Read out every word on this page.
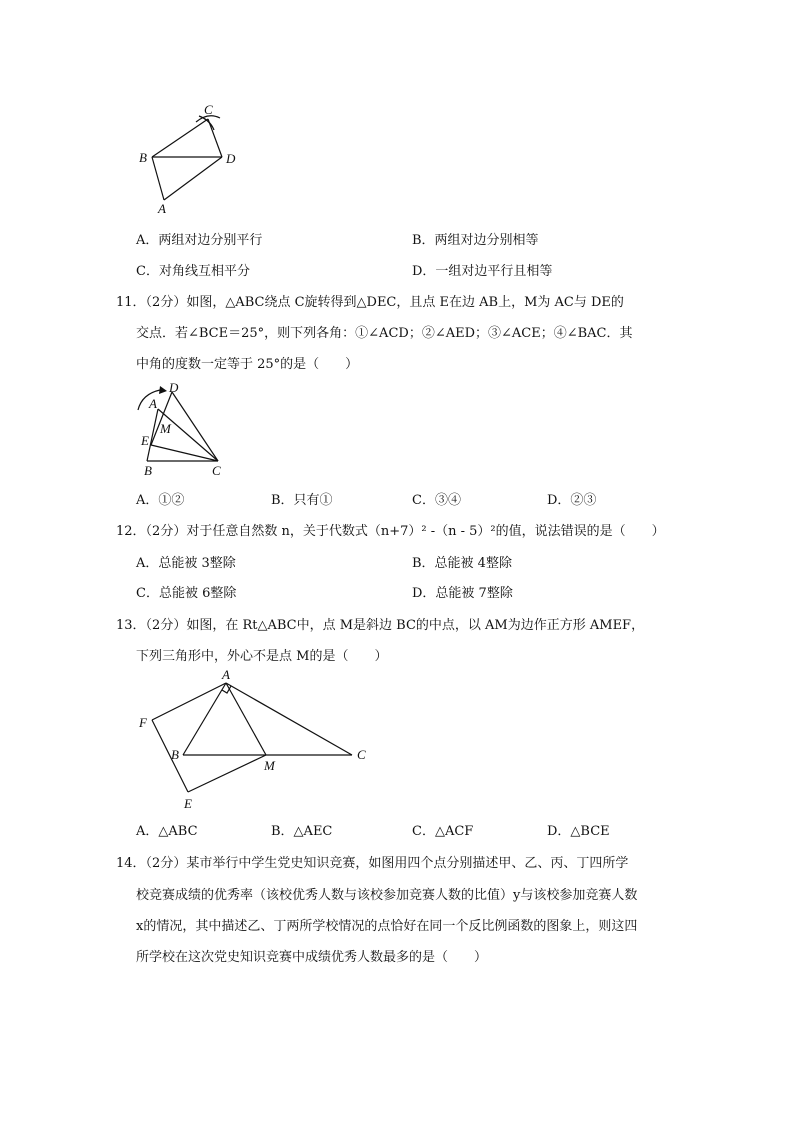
C
B	D
A
A．两组对边分别平行	B．两组对边分别相等
C．对角线互相平分	D．一组对边平行且相等
11．（2分）如图，△ABC绕点 C旋转得到△DEC，且点 E在边 AB上，M为 AC与 DE的
交点．若∠BCE＝25°，则下列各角：①∠ACD；②∠AED；③∠ACE；④∠BAC．其
中角的度数一定等于 25°的是（　　）
D
A
M
E
B	C
A．①②	B．只有①	C．③④	D．②③
12．（2分）对于任意自然数 n，关于代数式（n+7）² -（n - 5）²的值，说法错误的是（　　）
A．总能被 3整除	B．总能被 4整除
C．总能被 6整除	D．总能被 7整除
13．（2分）如图，在 Rt△ABC中，点 M是斜边 BC的中点，以 AM为边作正方形 AMEF，
下列三角形中，外心不是点 M的是（　　）
A
F
B
M
C
E
A．△ABC	B．△AEC	C．△ACF	D．△BCE
14．（2分）某市举行中学生党史知识竞赛，如图用四个点分别描述甲、乙、丙、丁四所学
校竞赛成绩的优秀率（该校优秀人数与该校参加竞赛人数的比值）y与该校参加竞赛人数
x的情况，其中描述乙、丁两所学校情况的点恰好在同一个反比例函数的图象上，则这四
所学校在这次党史知识竞赛中成绩优秀人数最多的是（　　）
